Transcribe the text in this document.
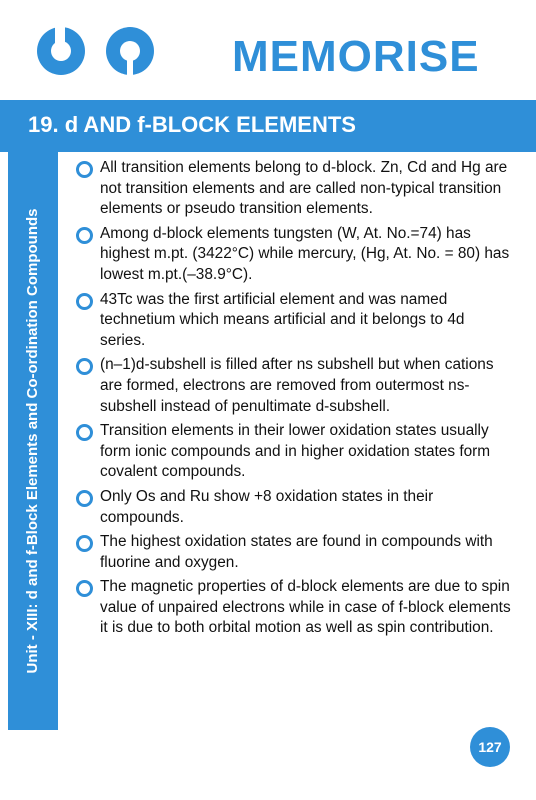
MEMORISE
19. d AND f-BLOCK ELEMENTS
Unit - XIII: d and f-Block Elements and Co-ordination Compounds
All transition elements belong to d-block. Zn, Cd and Hg are not transition elements and are called non-typical transition elements or pseudo transition elements.
Among d-block elements tungsten (W, At. No.=74) has highest m.pt. (3422°C) while mercury, (Hg, At. No. = 80) has lowest m.pt.(–38.9°C).
43Tc was the first artificial element and was named technetium which means artificial and it belongs to 4d series.
(n–1)d-subshell is filled after ns subshell but when cations are formed, electrons are removed from outermost ns-subshell instead of penultimate d-subshell.
Transition elements in their lower oxidation states usually form ionic compounds and in higher oxidation states form covalent compounds.
Only Os and Ru show +8 oxidation states in their compounds.
The highest oxidation states are found in compounds with fluorine and oxygen.
The magnetic properties of d-block elements are due to spin value of unpaired electrons while in case of f-block elements it is due to both orbital motion as well as spin contribution.
127
